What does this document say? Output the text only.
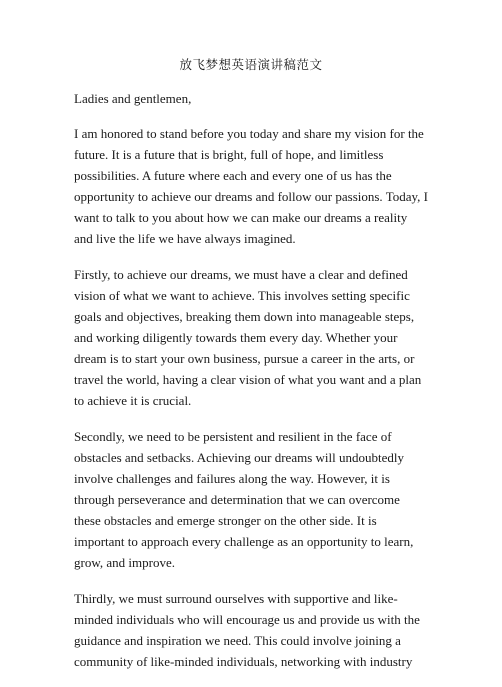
放飞梦想英语演讲稿范文

Ladies and gentlemen,

I am honored to stand before you today and share my vision for the future. It is a future that is bright, full of hope, and limitless possibilities. A future where each and every one of us has the opportunity to achieve our dreams and follow our passions. Today, I want to talk to you about how we can make our dreams a reality and live the life we have always imagined.

Firstly, to achieve our dreams, we must have a clear and defined vision of what we want to achieve. This involves setting specific goals and objectives, breaking them down into manageable steps, and working diligently towards them every day. Whether your dream is to start your own business, pursue a career in the arts, or travel the world, having a clear vision of what you want and a plan to achieve it is crucial.

Secondly, we need to be persistent and resilient in the face of obstacles and setbacks. Achieving our dreams will undoubtedly involve challenges and failures along the way. However, it is through perseverance and determination that we can overcome these obstacles and emerge stronger on the other side. It is important to approach every challenge as an opportunity to learn, grow, and improve.

Thirdly, we must surround ourselves with supportive and like-minded individuals who will encourage us and provide us with the guidance and inspiration we need. This could involve joining a community of like-minded individuals, networking with industry
